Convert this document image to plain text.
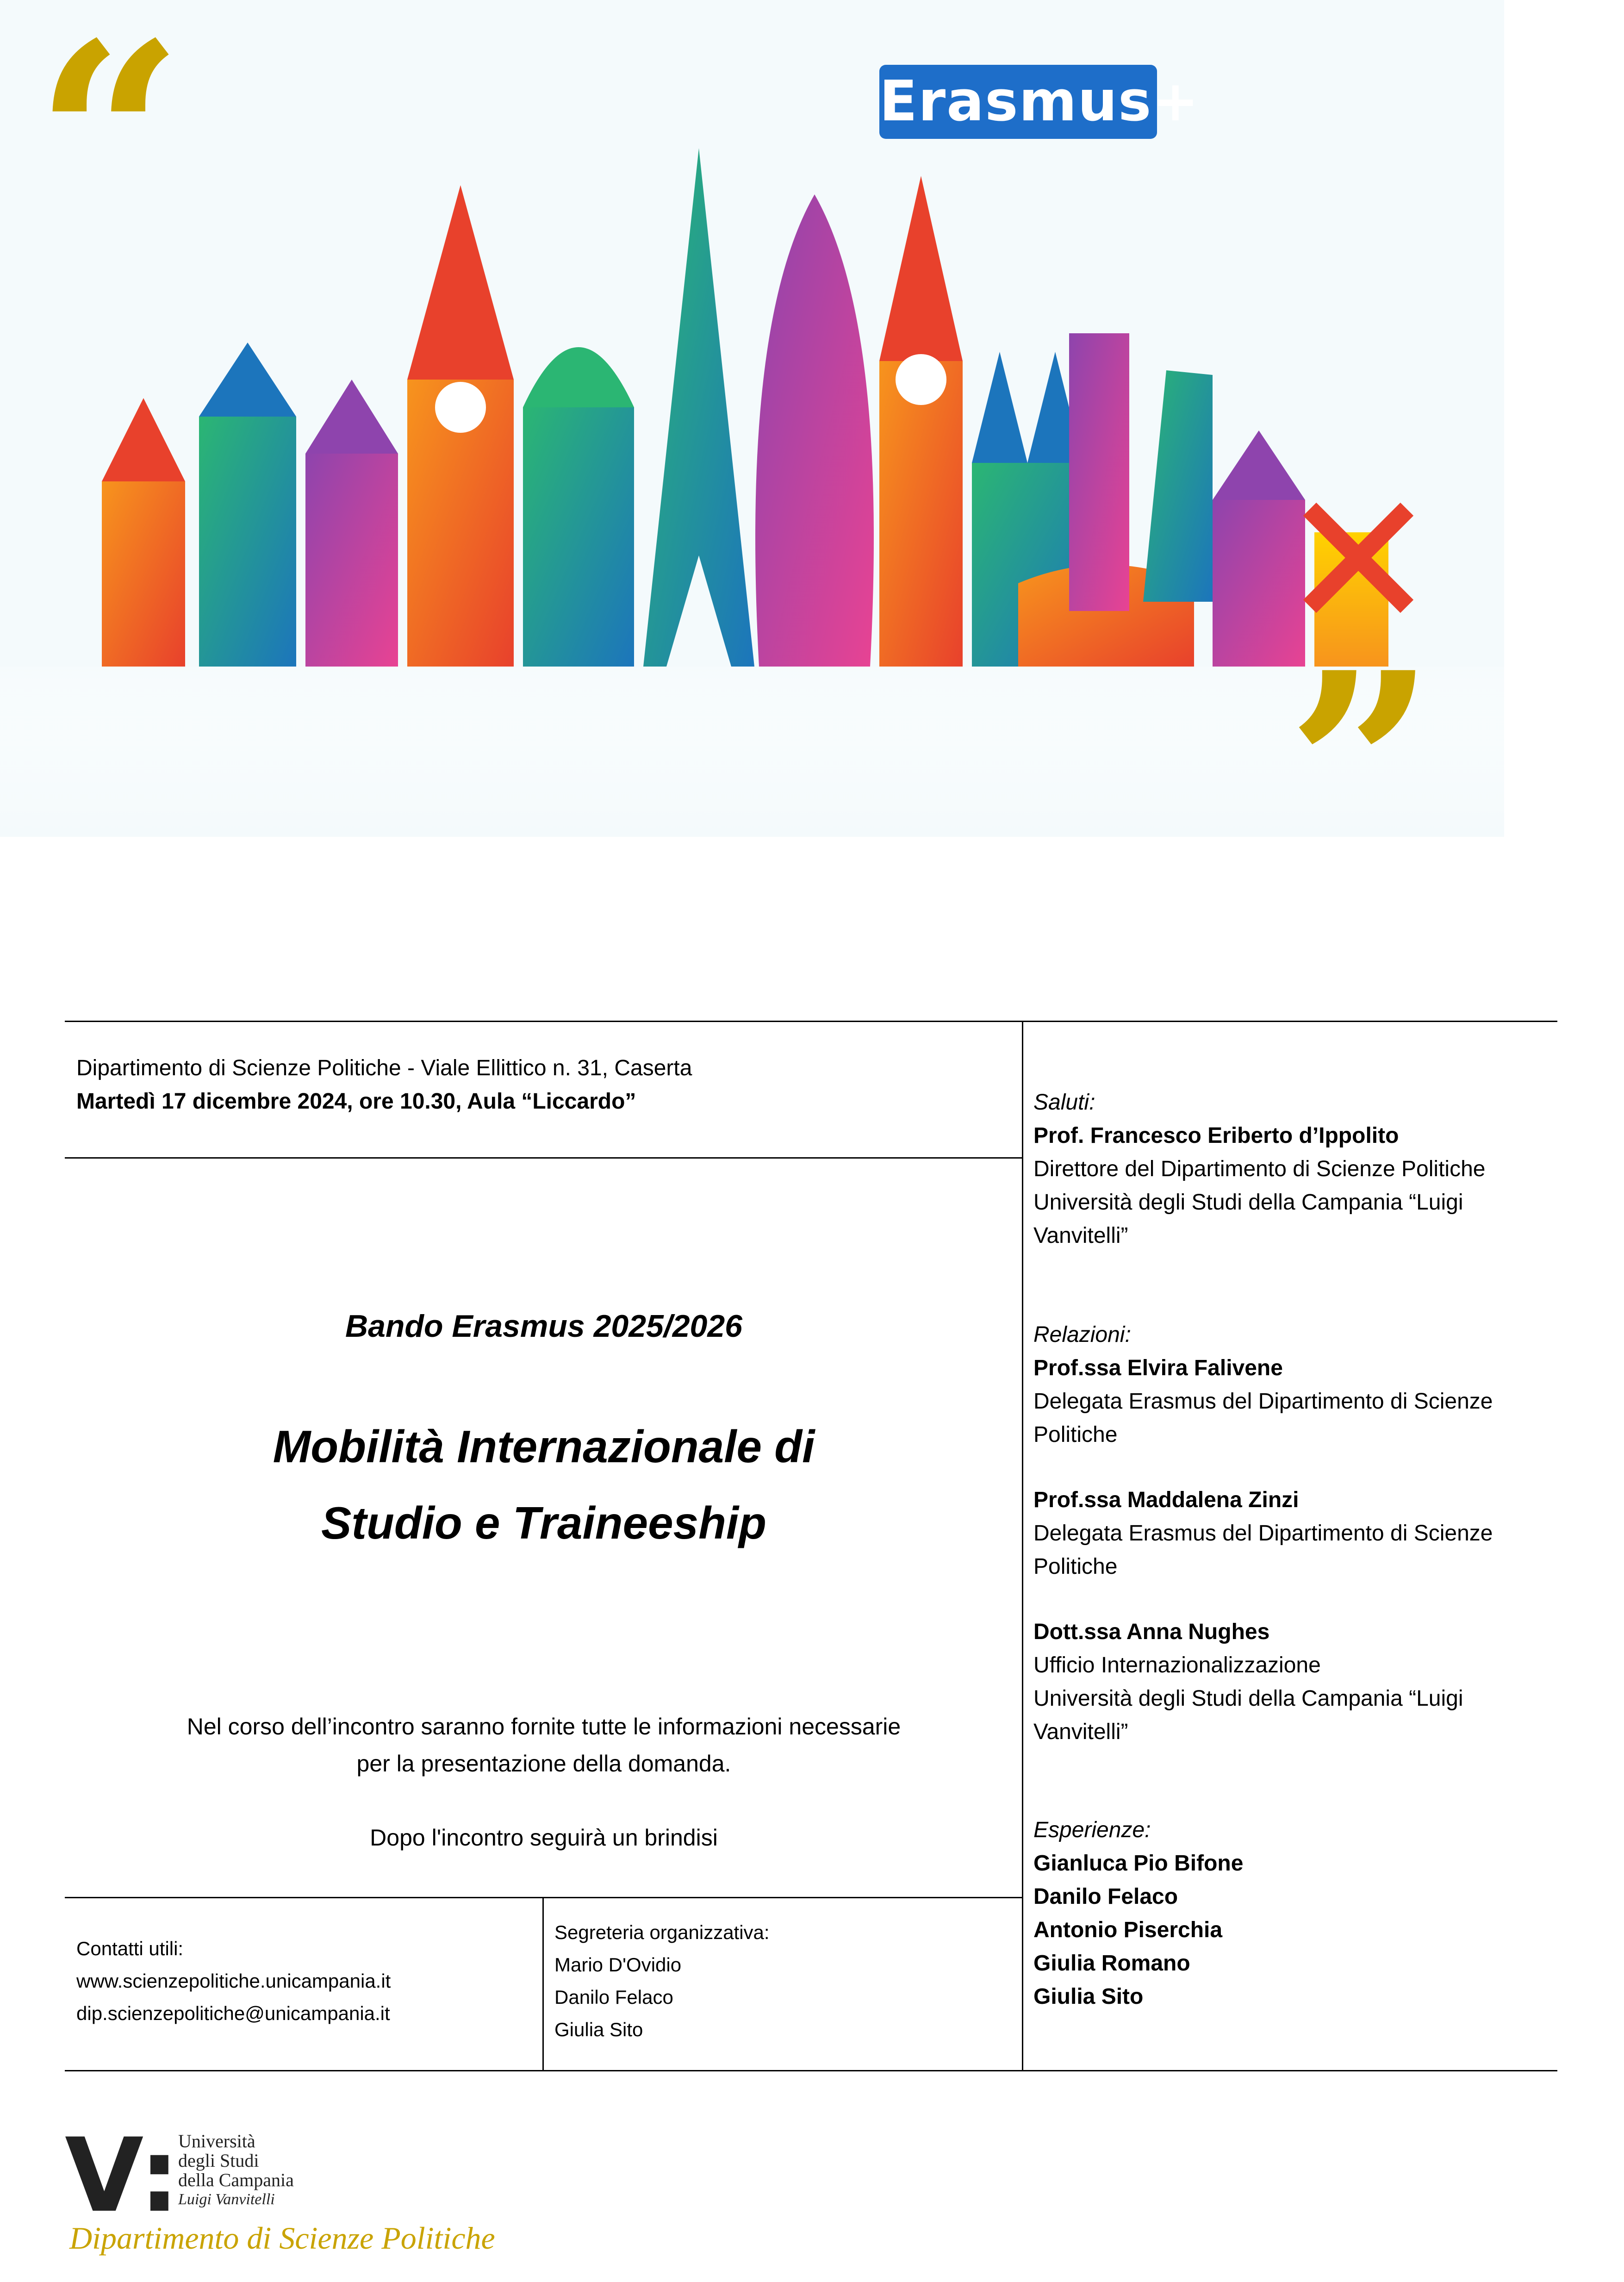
“
”
Erasmus+
Dipartimento di Scienze Politiche - Viale Ellittico n. 31, Caserta
Martedì 17 dicembre 2024, ore 10.30, Aula “Liccardo”
Bando Erasmus 2025/2026
Mobilità Internazionale di
Studio e Traineeship
Nel corso dell’incontro saranno fornite tutte le informazioni necessarie per la presentazione della domanda.
Dopo l'incontro seguirà un brindisi
Contatti utili:
www.scienzepolitiche.unicampania.it
dip.scienzepolitiche@unicampania.it
Segreteria organizzativa:
Mario D'Ovidio
Danilo Felaco
Giulia Sito
Saluti:
Prof. Francesco Eriberto d’Ippolito
Direttore del Dipartimento di Scienze Politiche
Università degli Studi della Campania “Luigi
Vanvitelli”
Relazioni:
Prof.ssa Elvira Falivene
Delegata Erasmus del Dipartimento di Scienze
Politiche
Prof.ssa Maddalena Zinzi
Delegata Erasmus del Dipartimento di Scienze
Politiche
Dott.ssa Anna Nughes
Ufficio Internazionalizzazione
Università degli Studi della Campania “Luigi
Vanvitelli”
Esperienze:
Gianluca Pio Bifone
Danilo Felaco
Antonio Piserchia
Giulia Romano
Giulia Sito
V:
Università
degli Studi
della Campania
Luigi Vanvitelli
Dipartimento di Scienze Politiche
